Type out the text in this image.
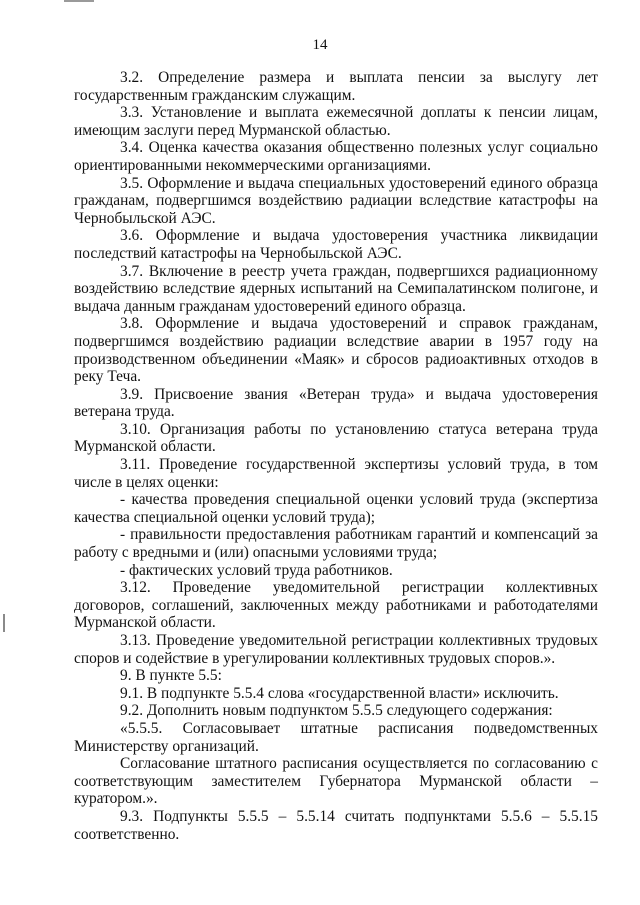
14

3.2. Определение размера и выплата пенсии за выслугу лет государственным гражданским служащим.

3.3. Установление и выплата ежемесячной доплаты к пенсии лицам, имеющим заслуги перед Мурманской областью.

3.4. Оценка качества оказания общественно полезных услуг социально ориентированными некоммерческими организациями.

3.5. Оформление и выдача специальных удостоверений единого образца гражданам, подвергшимся воздействию радиации вследствие катастрофы на Чернобыльской АЭС.

3.6. Оформление и выдача удостоверения участника ликвидации последствий катастрофы на Чернобыльской АЭС.

3.7. Включение в реестр учета граждан, подвергшихся радиационному воздействию вследствие ядерных испытаний на Семипалатинском полигоне, и выдача данным гражданам удостоверений единого образца.

3.8. Оформление и выдача удостоверений и справок гражданам, подвергшимся воздействию радиации вследствие аварии в 1957 году на производственном объединении «Маяк» и сбросов радиоактивных отходов в реку Теча.

3.9. Присвоение звания «Ветеран труда» и выдача удостоверения ветерана труда.

3.10. Организация работы по установлению статуса ветерана труда Мурманской области.

3.11. Проведение государственной экспертизы условий труда, в том числе в целях оценки:

- качества проведения специальной оценки условий труда (экспертиза качества специальной оценки условий труда);

- правильности предоставления работникам гарантий и компенсаций за работу с вредными и (или) опасными условиями труда;

- фактических условий труда работников.

3.12. Проведение уведомительной регистрации коллективных договоров, соглашений, заключенных между работниками и работодателями Мурманской области.

3.13. Проведение уведомительной регистрации коллективных трудовых споров и содействие в урегулировании коллективных трудовых споров.».

9. В пункте 5.5:

9.1. В подпункте 5.5.4 слова «государственной власти» исключить.

9.2. Дополнить новым подпунктом 5.5.5 следующего содержания:

«5.5.5. Согласовывает штатные расписания подведомственных Министерству организаций.

Согласование штатного расписания осуществляется по согласованию с соответствующим заместителем Губернатора Мурманской области – куратором.».

9.3. Подпункты 5.5.5 – 5.5.14 считать подпунктами 5.5.6 – 5.5.15 соответственно.
